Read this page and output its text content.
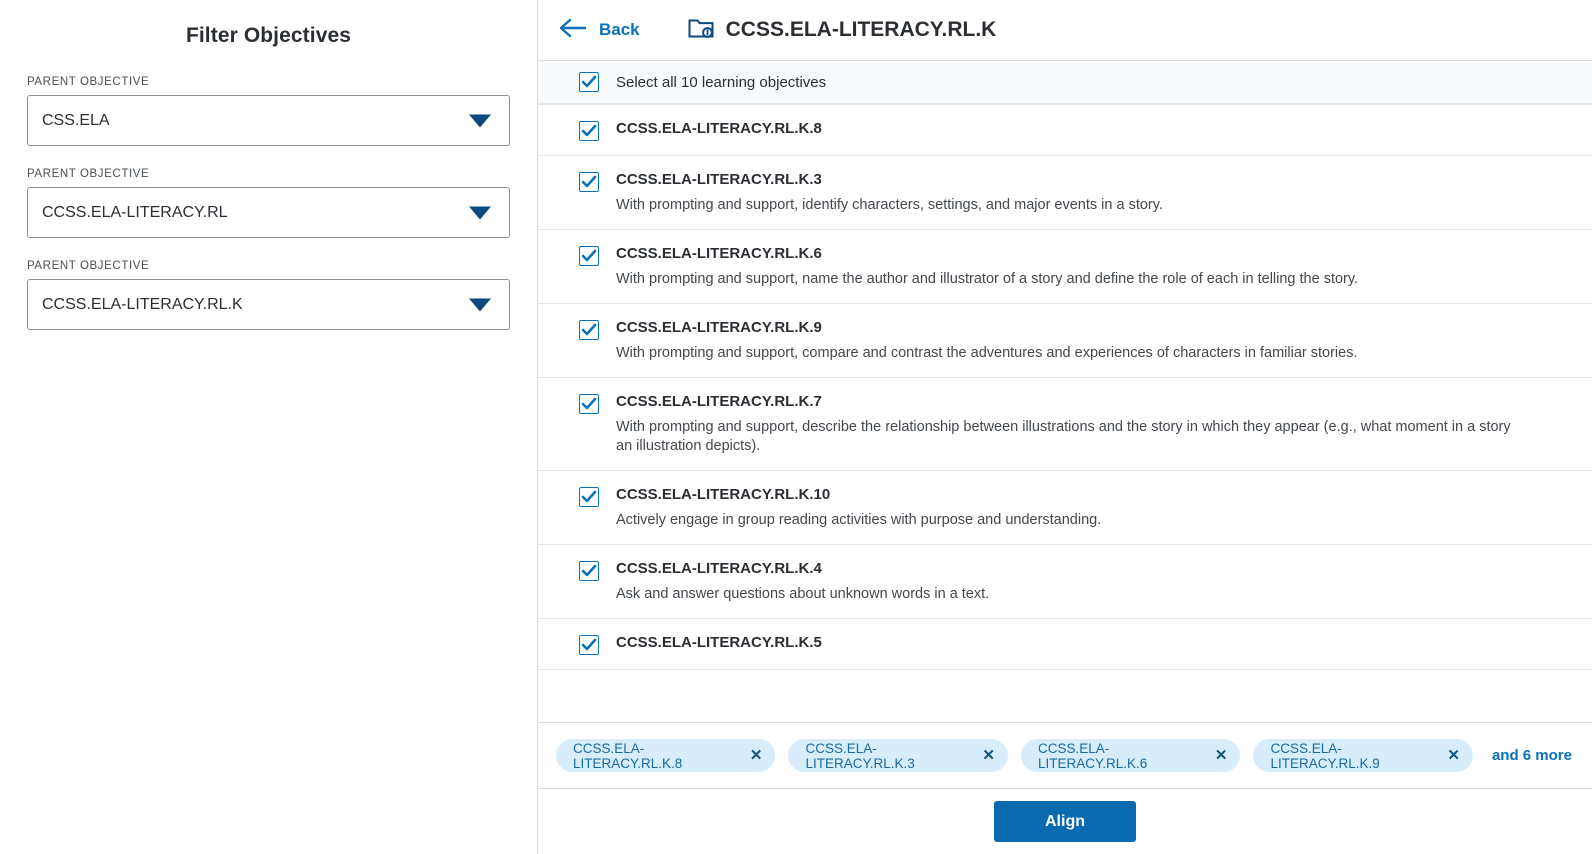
Filter Objectives
PARENT OBJECTIVE
CSS.ELA
PARENT OBJECTIVE
CCSS.ELA-LITERACY.RL
PARENT OBJECTIVE
CCSS.ELA-LITERACY.RL.K
Back	CCSS.ELA-LITERACY.RL.K
Select all 10 learning objectives
CCSS.ELA-LITERACY.RL.K.8
CCSS.ELA-LITERACY.RL.K.3
With prompting and support, identify characters, settings, and major events in a story.
CCSS.ELA-LITERACY.RL.K.6
With prompting and support, name the author and illustrator of a story and define the role of each in telling the story.
CCSS.ELA-LITERACY.RL.K.9
With prompting and support, compare and contrast the adventures and experiences of characters in familiar stories.
CCSS.ELA-LITERACY.RL.K.7
With prompting and support, describe the relationship between illustrations and the story in which they appear (e.g., what moment in a story an illustration depicts).
CCSS.ELA-LITERACY.RL.K.10
Actively engage in group reading activities with purpose and understanding.
CCSS.ELA-LITERACY.RL.K.4
Ask and answer questions about unknown words in a text.
CCSS.ELA-LITERACY.RL.K.5
CCSS.ELA-LITERACY.RL.K.8	✕	CCSS.ELA-LITERACY.RL.K.3	✕	CCSS.ELA-LITERACY.RL.K.6	✕	CCSS.ELA-LITERACY.RL.K.9	✕ and 6 more
Align
